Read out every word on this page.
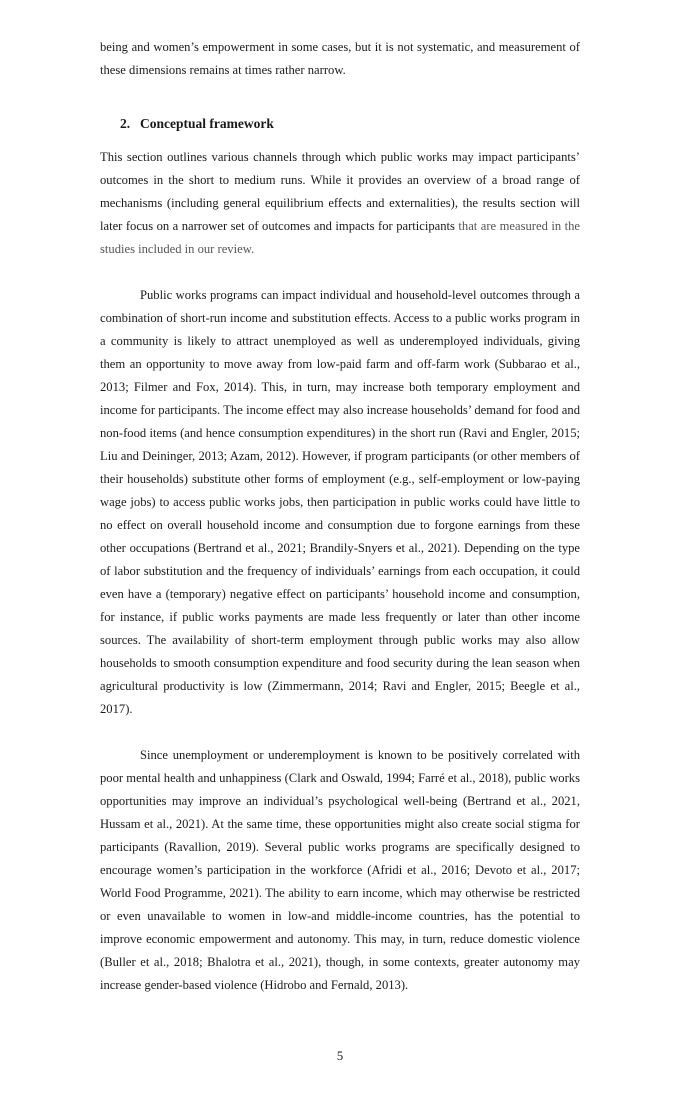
being and women’s empowerment in some cases, but it is not systematic, and measurement of these dimensions remains at times rather narrow.

2. Conceptual framework

This section outlines various channels through which public works may impact participants’ outcomes in the short to medium runs. While it provides an overview of a broad range of mechanisms (including general equilibrium effects and externalities), the results section will later focus on a narrower set of outcomes and impacts for participants that are measured in the studies included in our review.

Public works programs can impact individual and household-level outcomes through a combination of short-run income and substitution effects. Access to a public works program in a community is likely to attract unemployed as well as underemployed individuals, giving them an opportunity to move away from low-paid farm and off-farm work (Subbarao et al., 2013; Filmer and Fox, 2014). This, in turn, may increase both temporary employment and income for participants. The income effect may also increase households’ demand for food and non-food items (and hence consumption expenditures) in the short run (Ravi and Engler, 2015; Liu and Deininger, 2013; Azam, 2012). However, if program participants (or other members of their households) substitute other forms of employment (e.g., self-employment or low-paying wage jobs) to access public works jobs, then participation in public works could have little to no effect on overall household income and consumption due to forgone earnings from these other occupations (Bertrand et al., 2021; Brandily-Snyers et al., 2021). Depending on the type of labor substitution and the frequency of individuals’ earnings from each occupation, it could even have a (temporary) negative effect on participants’ household income and consumption, for instance, if public works payments are made less frequently or later than other income sources. The availability of short-term employment through public works may also allow households to smooth consumption expenditure and food security during the lean season when agricultural productivity is low (Zimmermann, 2014; Ravi and Engler, 2015; Beegle et al., 2017).

Since unemployment or underemployment is known to be positively correlated with poor mental health and unhappiness (Clark and Oswald, 1994; Farré et al., 2018), public works opportunities may improve an individual’s psychological well-being (Bertrand et al., 2021, Hussam et al., 2021). At the same time, these opportunities might also create social stigma for participants (Ravallion, 2019). Several public works programs are specifically designed to encourage women’s participation in the workforce (Afridi et al., 2016; Devoto et al., 2017; World Food Programme, 2021). The ability to earn income, which may otherwise be restricted or even unavailable to women in low-and middle-income countries, has the potential to improve economic empowerment and autonomy. This may, in turn, reduce domestic violence (Buller et al., 2018; Bhalotra et al., 2021), though, in some contexts, greater autonomy may increase gender-based violence (Hidrobo and Fernald, 2013).

5
